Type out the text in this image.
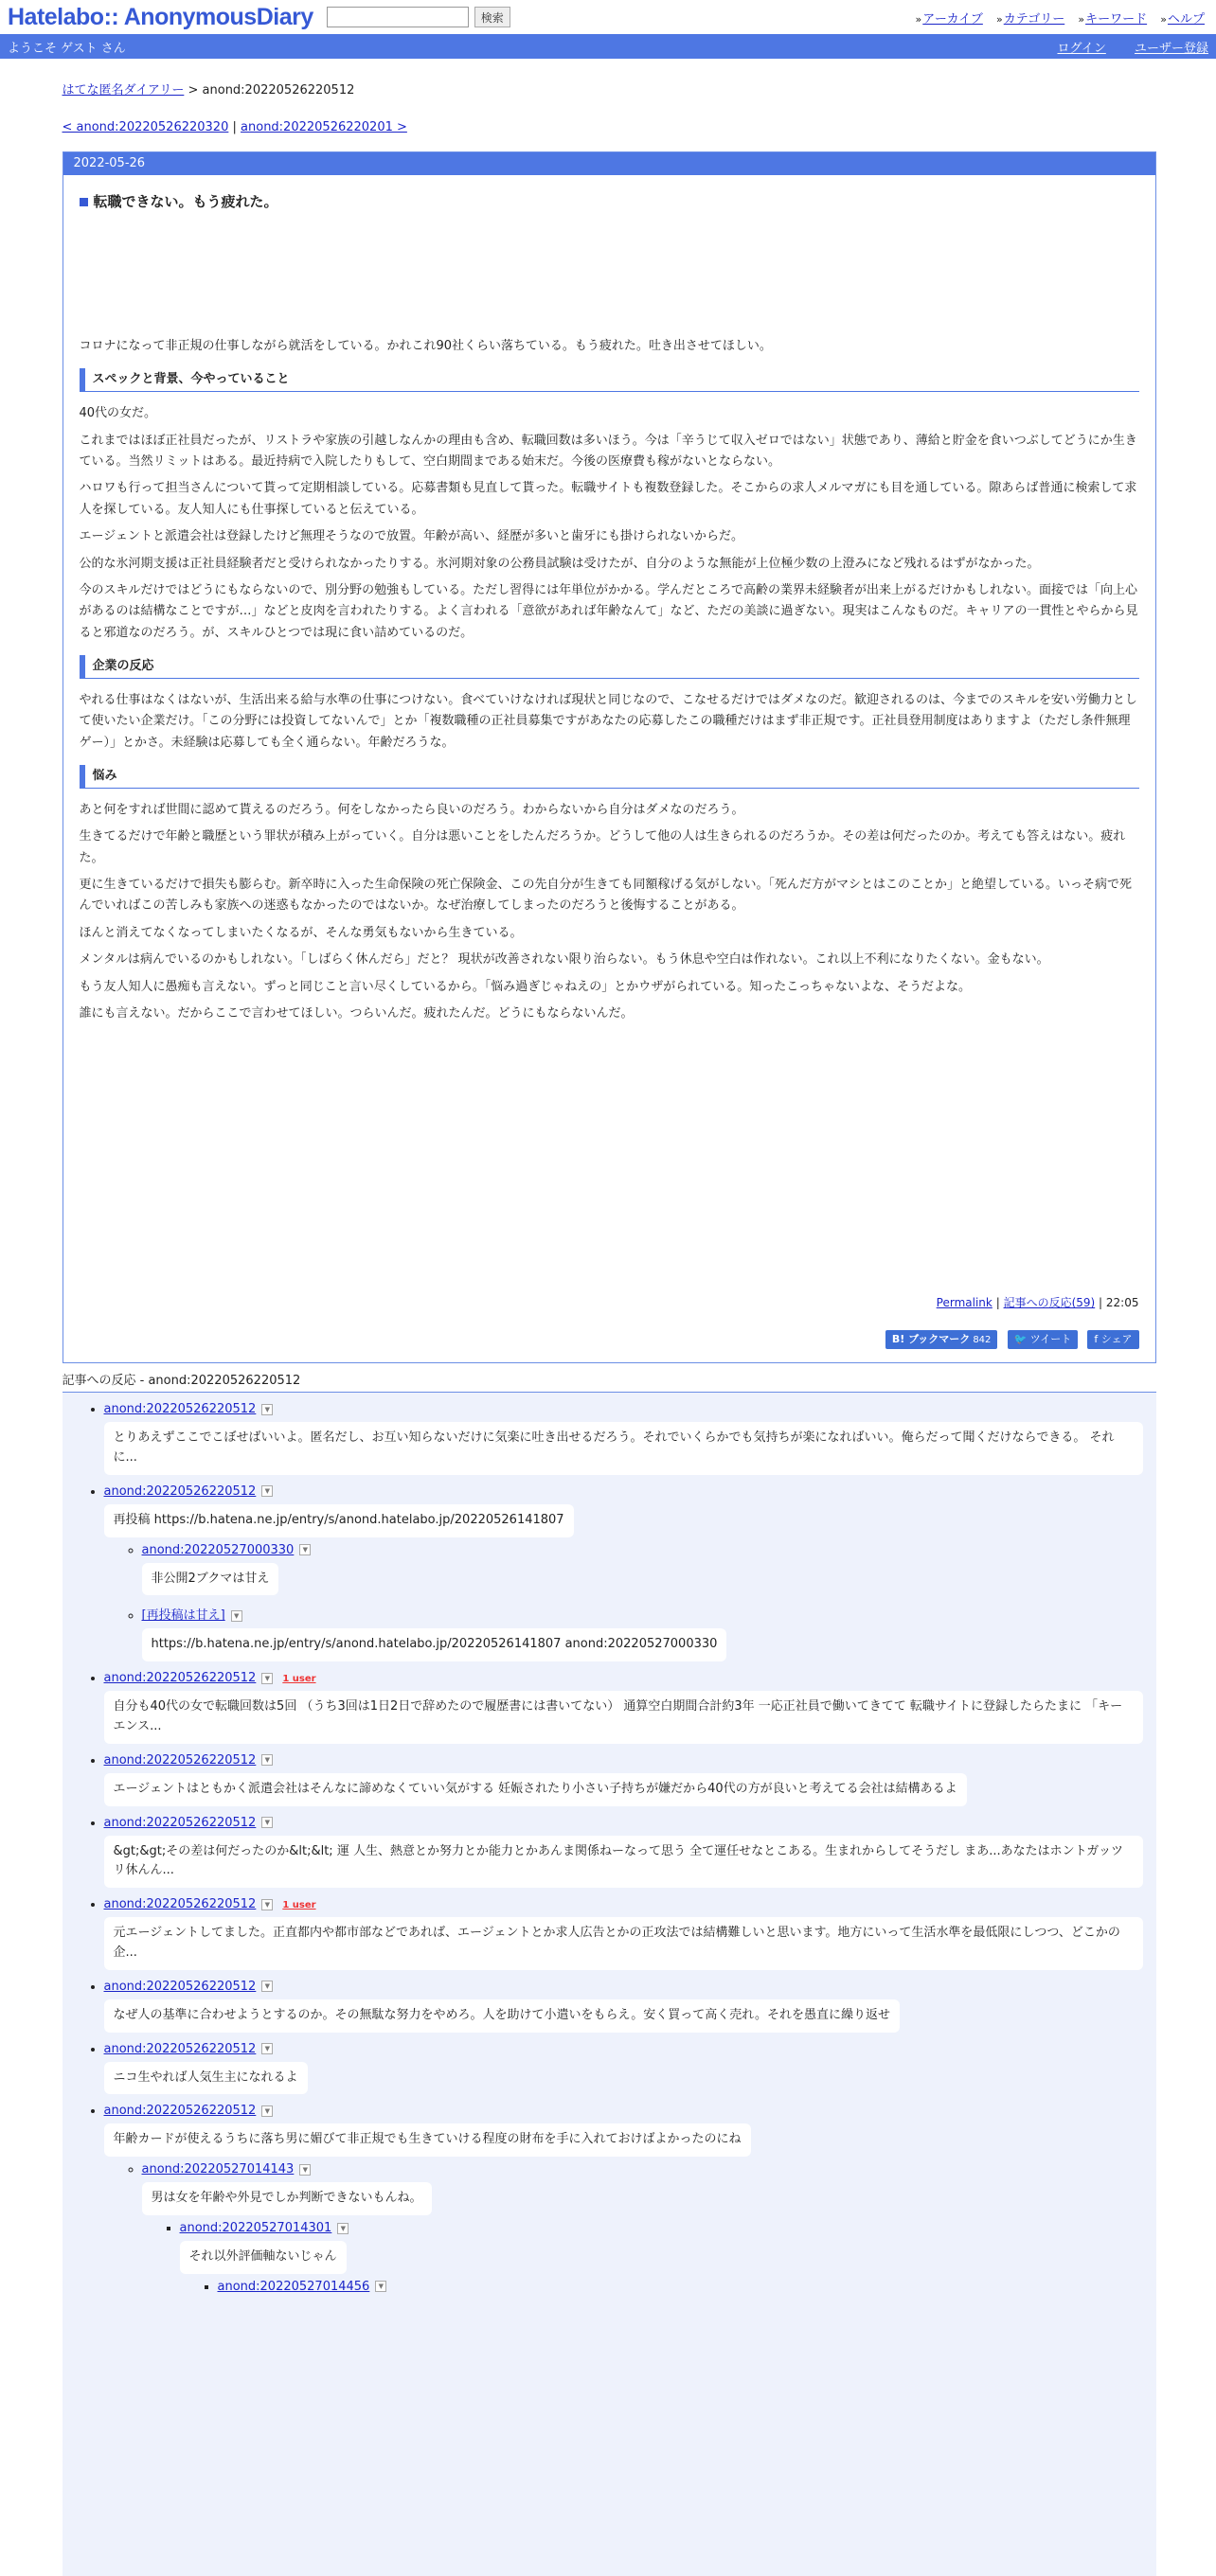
Hatelabo:: AnonymousDiary	検索	» アーカイブ » カテゴリー » キーワード » ヘルプ
ようこそ ゲスト さん	ログイン ユーザー登録
はてな匿名ダイアリー > anond:20220526220512
< anond:20220526220320 | anond:20220526220201 >
2022-05-26
転職できない。もう疲れた。

コロナになって非正規の仕事しながら就活をしている。かれこれ90社くらい落ちている。もう疲れた。吐き出させてほしい。

スペックと背景、今やっていること

40代の女だ。

これまではほぼ正社員だったが、リストラや家族の引越しなんかの理由も含め、転職回数は多いほう。今は「辛うじて収入ゼロではない」状態であり、薄給と貯金を食いつぶしてどうにか生きている。当然リミットはある。最近持病で入院したりもして、空白期間まである始末だ。今後の医療費も稼がないとならない。

ハロワも行って担当さんについて貰って定期相談している。応募書類も見直して貰った。転職サイトも複数登録した。そこからの求人メルマガにも目を通している。隙あらば普通に検索して求人を探している。友人知人にも仕事探していると伝えている。

エージェントと派遣会社は登録したけど無理そうなので放置。年齢が高い、経歴が多いと歯牙にも掛けられないからだ。

公的な氷河期支援は正社員経験者だと受けられなかったりする。氷河期対象の公務員試験は受けたが、自分のような無能が上位極少数の上澄みになど残れるはずがなかった。

今のスキルだけではどうにもならないので、別分野の勉強もしている。ただし習得には年単位がかかる。学んだところで高齢の業界未経験者が出来上がるだけかもしれない。面接では「向上心があるのは結構なことですが…」などと皮肉を言われたりする。よく言われる「意欲があれば年齢なんて」など、ただの美談に過ぎない。現実はこんなものだ。キャリアの一貫性とやらから見ると邪道なのだろう。が、スキルひとつでは現に食い詰めているのだ。

企業の反応

やれる仕事はなくはないが、生活出来る給与水準の仕事につけない。食べていけなければ現状と同じなので、こなせるだけではダメなのだ。歓迎されるのは、今までのスキルを安い労働力として使いたい企業だけ。「この分野には投資してないんで」とか「複数職種の正社員募集ですがあなたの応募したこの職種だけはまず非正規です。正社員登用制度はありますよ（ただし条件無理ゲー）」とかさ。未経験は応募しても全く通らない。年齢だろうな。

悩み

あと何をすれば世間に認めて貰えるのだろう。何をしなかったら良いのだろう。わからないから自分はダメなのだろう。

生きてるだけで年齢と職歴という罪状が積み上がっていく。自分は悪いことをしたんだろうか。どうして他の人は生きられるのだろうか。その差は何だったのか。考えても答えはない。疲れた。

更に生きているだけで損失も膨らむ。新卒時に入った生命保険の死亡保険金、この先自分が生きても同額稼げる気がしない。「死んだ方がマシとはこのことか」と絶望している。いっそ病で死んでいればこの苦しみも家族への迷惑もなかったのではないか。なぜ治療してしまったのだろうと後悔することがある。

ほんと消えてなくなってしまいたくなるが、そんな勇気もないから生きている。

メンタルは病んでいるのかもしれない。「しばらく休んだら」だと？ 現状が改善されない限り治らない。もう休息や空白は作れない。これ以上不利になりたくない。金もない。

もう友人知人に愚痴も言えない。ずっと同じこと言い尽くしているから。「悩み過ぎじゃねえの」とかウザがられている。知ったこっちゃないよな、そうだよな。

誰にも言えない。だからここで言わせてほしい。つらいんだ。疲れたんだ。どうにもならないんだ。

Permalink | 記事への反応(59) | 22:05
B! ブックマーク 842 🐦 ツイート f シェア
記事への反応 - anond:20220526220512
• anond:20220526220512 ▼
とりあえずここでこぼせばいいよ。匿名だし、お互い知らないだけに気楽に吐き出せるだろう。それでいくらかでも気持ちが楽になればいい。俺らだって聞くだけならできる。 それに...
• anond:20220526220512 ▼
再投稿 https://b.hatena.ne.jp/entry/s/anond.hatelabo.jp/20220526141807
◦ anond:20220527000330 ▼
非公開2ブクマは甘え
◦ [再投稿は甘え] ▼
https://b.hatena.ne.jp/entry/s/anond.hatelabo.jp/20220526141807 anond:20220527000330
• anond:20220526220512 ▼ 1 user
自分も40代の女で転職回数は5回 （うち3回は1日2日で辞めたので履歴書には書いてない） 通算空白期間合計約3年 一応正社員で働いてきてて 転職サイトに登録したらたまに 「キーエンス...
• anond:20220526220512 ▼
エージェントはともかく派遣会社はそんなに諦めなくていい気がする 妊娠されたり小さい子持ちが嫌だから40代の方が良いと考えてる会社は結構あるよ
• anond:20220526220512 ▼
&gt;&gt;その差は何だったのか&lt;&lt; 運 人生、熱意とか努力とか能力とかあんま関係ねーなって思う 全て運任せなとこある。生まれからしてそうだし まあ...あなたはホントガッツリ休んん...
• anond:20220526220512 ▼ 1 user
元エージェントしてました。正直都内や都市部などであれば、エージェントとか求人広告とかの正攻法では結構難しいと思います。地方にいって生活水準を最低限にしつつ、どこかの企...
• anond:20220526220512 ▼
なぜ人の基準に合わせようとするのか。その無駄な努力をやめろ。人を助けて小遣いをもらえ。安く買って高く売れ。それを愚直に繰り返せ
• anond:20220526220512 ▼
ニコ生やれば人気生主になれるよ
• anond:20220526220512 ▼
年齢カードが使えるうちに落ち男に媚びて非正規でも生きていける程度の財布を手に入れておけばよかったのにね
◦ anond:20220527014143 ▼
男は女を年齢や外見でしか判断できないもんね。
▪ anond:20220527014301 ▼
それ以外評価軸ないじゃん
▪ anond:20220527014456 ▼
